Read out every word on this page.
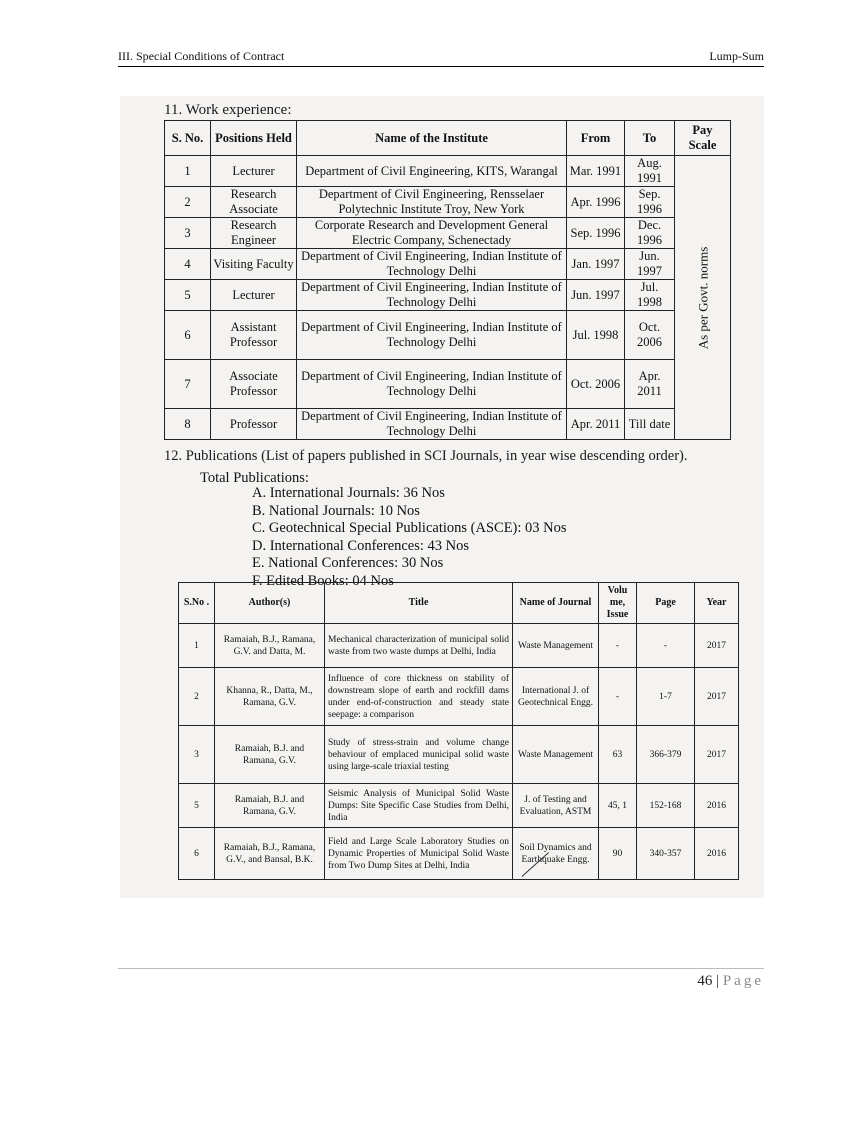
III. Special Conditions of Contract	Lump-Sum
11. Work experience:
S. No.	Positions Held	Name of the Institute	From	To	Pay Scale
1	Lecturer	Department of Civil Engineering, KITS, Warangal	Mar. 1991	Aug. 1991	As per Govt. norms

2	Research Associate	Department of Civil Engineering, Rensselaer Polytechnic Institute Troy, New York	Apr. 1996	Sep. 1996	
3	Research Engineer	Corporate Research and Development General Electric Company, Schenectady	Sep. 1996	Dec. 1996	
4	Visiting Faculty	Department of Civil Engineering, Indian Institute of Technology Delhi	Jan. 1997	Jun. 1997	
5	Lecturer	Department of Civil Engineering, Indian Institute of Technology Delhi	Jun. 1997	Jul. 1998	
6	Assistant Professor	Department of Civil Engineering, Indian Institute of Technology Delhi	Jul. 1998	Oct. 2006	
7	Associate Professor	Department of Civil Engineering, Indian Institute of Technology Delhi	Oct. 2006	Apr. 2011	
8	Professor	Department of Civil Engineering, Indian Institute of Technology Delhi	Apr. 2011	Till date	
12. Publications (List of papers published in SCI Journals, in year wise descending order).
Total Publications:
A. International Journals: 36 Nos
B. National Journals: 10 Nos
C. Geotechnical Special Publications (ASCE): 03 Nos
D. International Conferences: 43 Nos
E. National Conferences: 30 Nos
F. Edited Books: 04 Nos
S.No .	Author(s)	Title	Name of Journal	Volu me, Issue	Page	Year
1	Ramaiah, B.J., Ramana, G.V. and Datta, M.	Mechanical characterization of municipal solid waste from two waste dumps at Delhi, India	Waste Management	-	-	2017
2	Khanna, R., Datta, M., Ramana, G.V.	Influence of core thickness on stability of downstream slope of earth and rockfill dams under end-of-construction and steady state seepage: a comparison	International J. of Geotechnical Engg.	-	1-7	2017
3	Ramaiah, B.J. and Ramana, G.V.	Study of stress-strain and volume change behaviour of emplaced municipal solid waste using large-scale triaxial testing	Waste Management	63	366-379	2017
5	Ramaiah, B.J. and Ramana, G.V.	Seismic Analysis of Municipal Solid Waste Dumps: Site Specific Case Studies from Delhi, India	J. of Testing and Evaluation, ASTM	45, 1	152-168	2016
6	Ramaiah, B.J., Ramana, G.V., and Bansal, B.K.	Field and Large Scale Laboratory Studies on Dynamic Properties of Municipal Solid Waste from Two Dump Sites at Delhi, India	Soil Dynamics and Earthquake Engg.	90	340-357	2016
46 | Page
